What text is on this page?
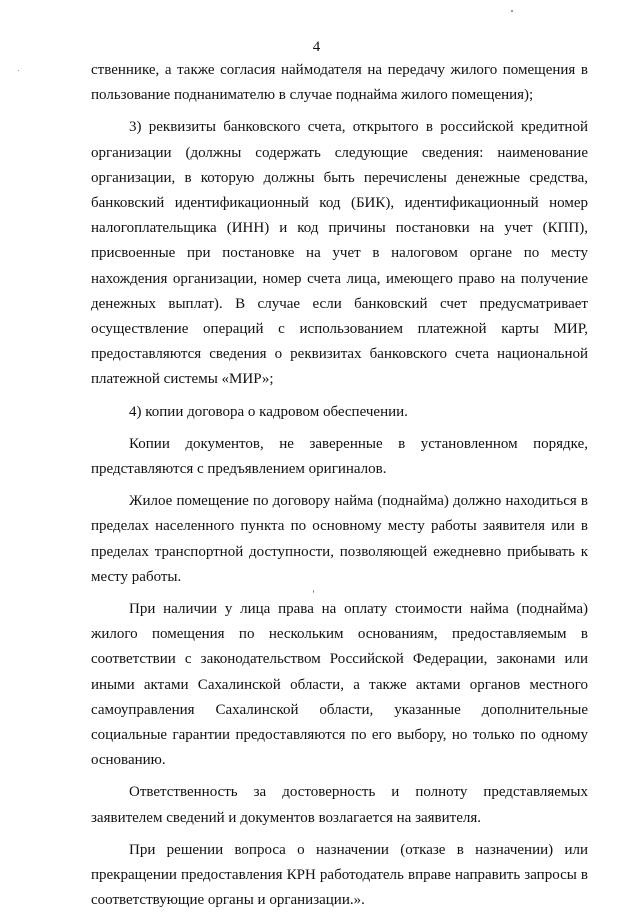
4

ственнике, а также согласия наймодателя на передачу жилого помещения в пользование поднанимателю в случае поднайма жилого помещения);

3) реквизиты банковского счета, открытого в российской кредитной организации (должны содержать следующие сведения: наименование организации, в которую должны быть перечислены денежные средства, банковский идентификационный код (БИК), идентификационный номер налогоплательщика (ИНН) и код причины постановки на учет (КПП), присвоенные при постановке на учет в налоговом органе по месту нахождения организации, номер счета лица, имеющего право на получение денежных выплат). В случае если банковский счет предусматривает осуществление операций с использованием платежной карты МИР, предоставляются сведения о реквизитах банковского счета национальной платежной системы «МИР»;

4) копии договора о кадровом обеспечении.

Копии документов, не заверенные в установленном порядке, представляются с предъявлением оригиналов.

Жилое помещение по договору найма (поднайма) должно находиться в пределах населенного пункта по основному месту работы заявителя или в пределах транспортной доступности, позволяющей ежедневно прибывать к месту работы.

При наличии у лица права на оплату стоимости найма (поднайма) жилого помещения по нескольким основаниям, предоставляемым в соответствии с законодательством Российской Федерации, законами или иными актами Сахалинской области, а также актами органов местного самоуправления Сахалинской области, указанные дополнительные социальные гарантии предоставляются по его выбору, но только по одному основанию.

Ответственность за достоверность и полноту представляемых заявителем сведений и документов возлагается на заявителя.

При решении вопроса о назначении (отказе в назначении) или прекращении предоставления КРН работодатель вправе направить запросы в соответствующие органы и организации.».
